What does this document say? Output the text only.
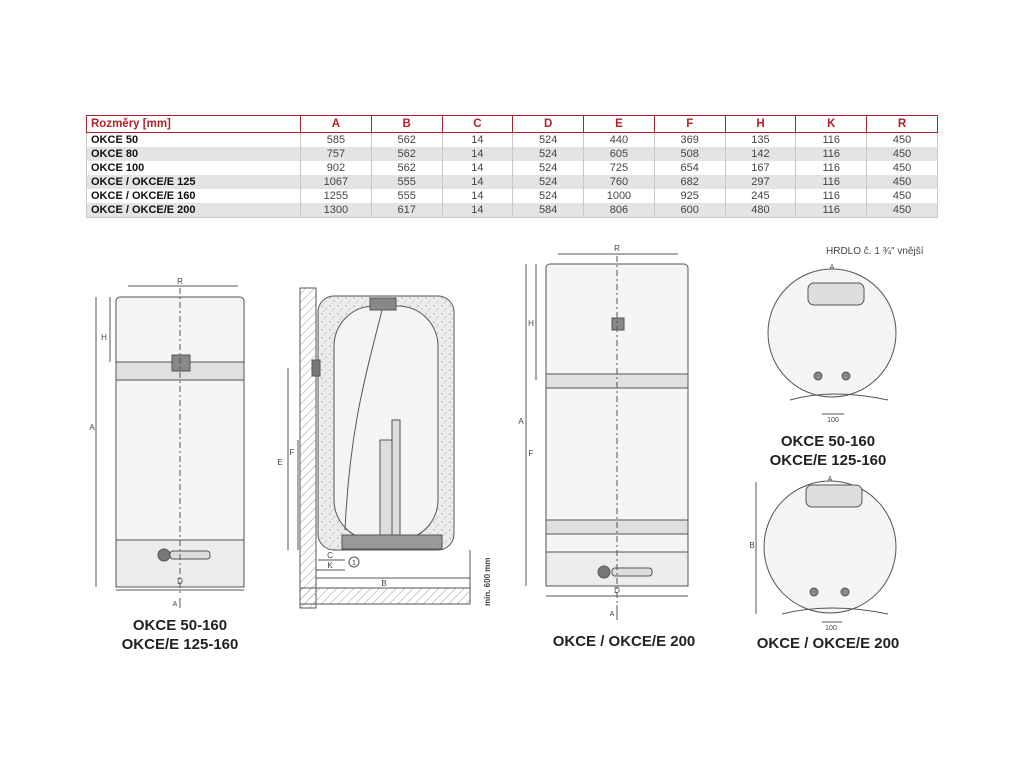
Rozměry [mm]	A	B	C	D	E	F	H	K	R
OKCE 50	585	562	14	524	440	369	135	116	450
OKCE 80	757	562	14	524	605	508	142	116	450
OKCE 100	902	562	14	524	725	654	167	116	450
OKCE / OKCE/E 125	1067	555	14	524	760	682	297	116	450
OKCE / OKCE/E 160	1255	555	14	524	1000	925	245	116	450
OKCE / OKCE/E 200	1300	617	14	584	806	600	480	116	450
HRDLO č. 1 ¾" vnější
R
H
A
D
A
E
F
C
K	1
B	min. 600 mm
R
H
A
F
D
A
A
100
A
100
B
OKCE 50-160
OKCE/E 125-160	OKCE / OKCE/E 200
OKCE 50-160
OKCE/E 125-160
OKCE / OKCE/E 200
